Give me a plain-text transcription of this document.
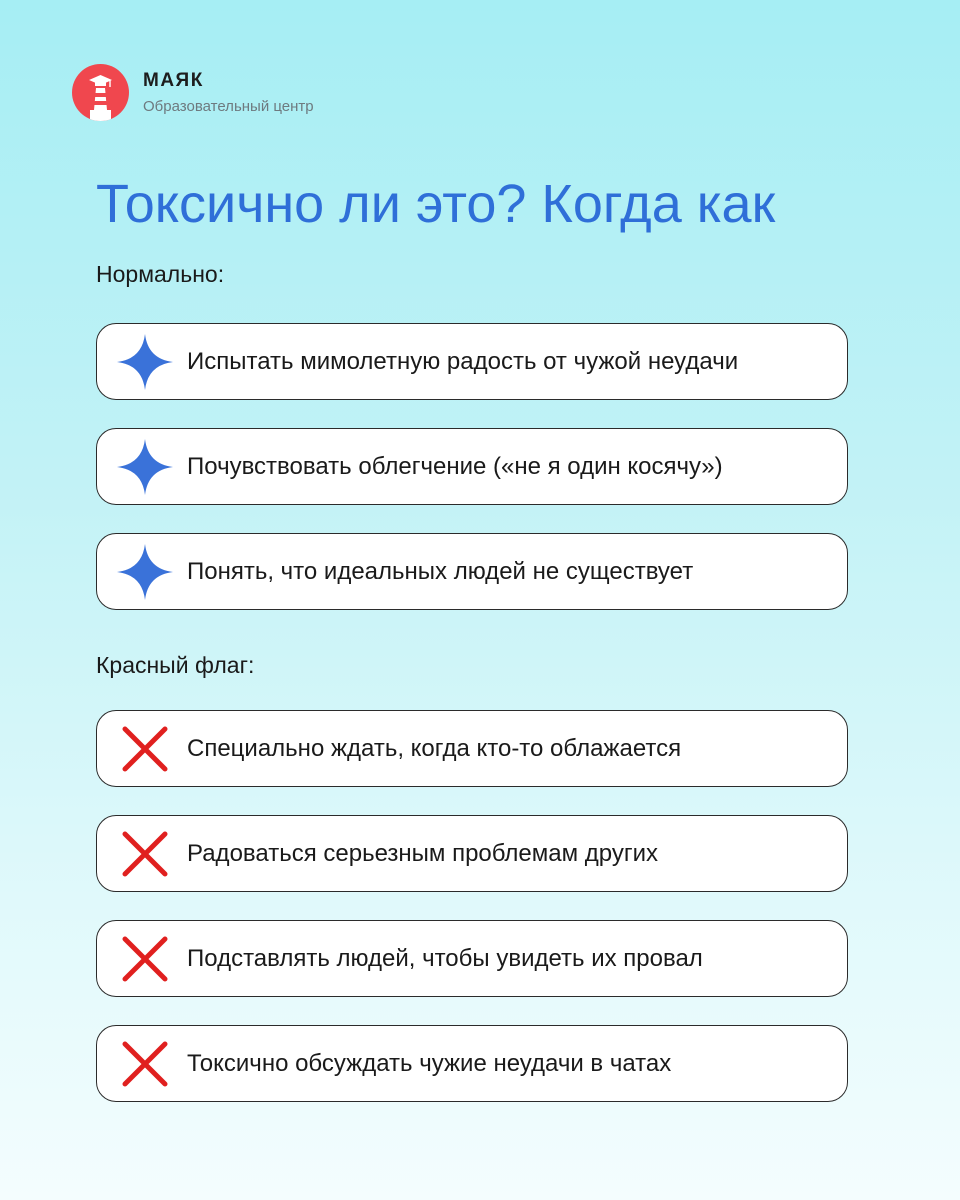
МАЯК
Образовательный центр
Токсично ли это? Когда как

Нормально:

Испытать мимолетную радость от чужой неудачи
Почувствовать облегчение («не я один косячу»)
Понять, что идеальных людей не существует

Красный флаг:

Специально ждать, когда кто-то облажается
Радоваться серьезным проблемам других
Подставлять людей, чтобы увидеть их провал
Токсично обсуждать чужие неудачи в чатах
